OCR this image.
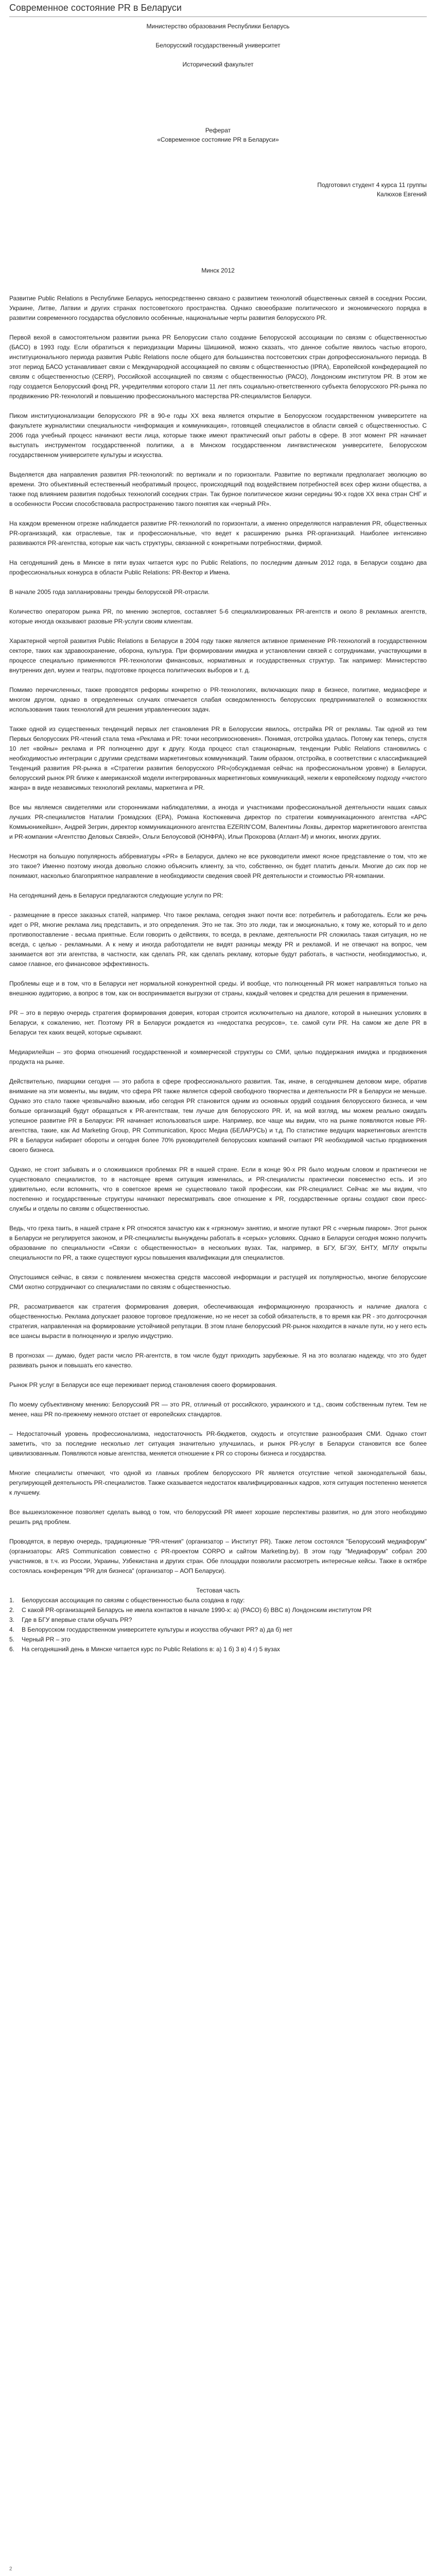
Современное состояние PR в Беларуси
Министерство образования Республики Беларусь
Белорусский государственный университет
Исторический факультет
Реферат
«Современное состояние PR в Беларуси»
Подготовил студент 4 курса 11 группы
Калюхов Евгений
Минск 2012

Развитие Public Relations в Республике Беларусь непосредственно связано с развитием технологий общественных связей в соседних России, Украине, Литве, Латвии и других странах постсоветского пространства. Однако своеобразие политического и экономического порядка в развитии современного государства обусловило особенные, национальные черты развития белорусского PR.

Первой вехой в самостоятельном развитии рынка PR Белоруссии стало создание Белорусской ассоциации по связям с общественностью (БАСО) в 1993 году. Если обратиться к периодизации Марины Шишкиной, можно сказать, что данное событие явилось частью второго, институционального периода развития Public Relations после общего для большинства постсоветских стран допрофессионального периода. В этот период БАСО устанавливает связи с Международной ассоциацией по связям с общественностью (IPRA), Европейской конфедерацией по связям с общественностью (CERP), Российской ассоциацией по связям с общественностью (РАСО), Лондонским институтом PR. В этом же году создается Белорусский фонд PR, учредителями которого стали 11 лет пять социально-ответственного субъекта белорусского PR-рынка по продвижению PR-технологий и повышению профессионального мастерства PR-специалистов Беларуси.

Пиком институционализации белорусского PR в 90-е годы XX века является открытие в Белорусском государственном университете на факультете журналистики специальности «информация и коммуникация», готовящей специалистов в области связей с общественностью. С 2006 года учебный процесс начинают вести лица, которые также имеют практический опыт работы в сфере. В этот момент PR начинает выступать инструментом государственной политики, а в Минском государственном лингвистическом университете, Белорусском государственном университете культуры и искусства.

Выделяется два направления развития PR-технологий: по вертикали и по горизонтали. Развитие по вертикали предполагает эволюцию во времени. Это объективный естественный необратимый процесс, происходящий под воздействием потребностей всех сфер жизни общества, а также под влиянием развития подобных технологий соседних стран. Так бурное политическое жизни середины 90-х годов XX века стран СНГ и в особенности России способствовала распространению такого понятия как «черный PR».

На каждом временном отрезке наблюдается развитие PR-технологий по горизонтали, а именно определяются направления PR, общественных PR-организаций, как отраслевые, так и профессиональные, что ведет к расширению рынка PR-организаций. Наиболее интенсивно развиваются PR-агентства, которые как часть структуры, связанной с конкретными потребностями, фирмой.

На сегодняшний день в Минске в пяти вузах читается курс по Public Relations, по последним данным 2012 года, в Беларуси создано два профессиональных конкурса в области Public Relations: PR-Вектор и Имена.

В начале 2005 года запланированы тренды белорусской PR-отрасли.

Количество оператором рынка PR, по мнению экспертов, составляет 5-6 специализированных PR-агентств и около 8 рекламных агентств, которые иногда оказывают разовые PR-услуги своим клиентам.

Характерной чертой развития Public Relations в Беларуси в 2004 году также является активное применение PR-технологий в государственном секторе, таких как здравоохранение, оборона, культура. При формировании имиджа и установлении связей с сотрудниками, участвующими в процессе специально применяются PR-технологии финансовых, нормативных и государственных структур. Так например: Министерство внутренних дел, музеи и театры, подготовке процесса политических выборов и т. д.

Помимо перечисленных, также проводятся реформы конкретно о PR-технологиях, включающих пиар в бизнесе, политике, медиасфере и многом другом, однако в определенных случаях отмечается слабая осведомленность белорусских предпринимателей о возможностях использования таких технологий для решения управленческих задач.

Также одной из существенных тенденций первых лет становления PR в Белоруссии явилось, отстрайка PR от рекламы. Так одной из тем Первых белорусских PR-чтений стала тема «Реклама и PR: точки несоприкосновения». Понимая, отстройка удалась. Потому как теперь, спустя 10 лет «войны» реклама и PR полноценно друг к другу. Когда процесс стал стационарным, тенденции Public Relations становились с необходимостью интеграции с другими средствами маркетинговых коммуникаций. Таким образом, отстройка, в соответствии с классификацией Тенденций развития PR-рынка в «Стратегии развития белорусского PR»(обсуждаемая сейчас на профессиональном уровне) в Беларуси, белорусский рынок PR ближе к американской модели интегрированных маркетинговых коммуникаций, нежели к европейскому подходу «чистого жанра» в виде независимых технологий рекламы, маркетинга и PR.

Все мы являемся свидетелями или сторонниками наблюдателями, а иногда и участниками профессиональной деятельности наших самых лучших PR-специалистов Наталии Громадских (ЕРА), Романа Костюкевича директор по стратегии коммуникационного агентства «АРС Коммьюникейшн», Андрей Зегрин, директор коммуникационного агентства EZERIN’COM, Валентины Лохвы, директор маркетингового агентства и PR-компании «Агентство Деловых Связей», Ольги Белоусовой (ЮНФРА), Ильи Прохорова (Атлант-М) и многих, многих других.

Несмотря на большую популярность аббревиатуры «PR» в Беларуси, далеко не все руководители имеют ясное представление о том, что же это такое? Именно поэтому иногда довольно сложно объяснить клиенту, за что, собственно, он будет платить деньги. Многие до сих пор не понимают, насколько благоприятное направление в необходимости сведения своей PR деятельности и стоимостью PR-компании.

На сегодняшний день в Беларуси предлагаются следующие услуги по PR:

- размещение в прессе заказных статей, например. Что такое реклама, сегодня знают почти все: потребитель и работодатель. Если же речь идет о PR, многие реклама лиц представить, и это определения. Это не так. Это это люди, так и эмоционально, к тому же, который то и дело противопоставление - весьма приятные. Если говорить о действиях, то всегда, в рекламе, деятельности PR сложилась такая ситуация, но не всегда, с целью - рекламными. А к нему и иногда работодатели не видят разницы между PR и рекламой. И не отвечают на вопрос, чем занимается вот эти агентства, в частности, как сделать PR, как сделать рекламу, которые будут работать, в частности, необходимостью, и, самое главное, его финансовое эффективность.

Проблемы еще и в том, что в Беларуси нет нормальной конкурентной среды. И вообще, что полноценный PR может направляться только на внешнюю аудиторию, а вопрос в том, как он воспринимается выгрузки от страны, каждый человек и средства для решения в применении.

PR – это в первую очередь стратегия формирования доверия, которая строится исключительно на диалоге, которой в нынешних условиях в Беларуси, к сожалению, нет. Поэтому PR в Беларуси рождается из «недостатка ресурсов», т.е. самой сути PR. На самом же деле PR в Беларуси тех каких вещей, которые скрывают.

Медиарилейшн – это форма отношений государственной и коммерческой структуры со СМИ, целью поддержания имиджа и продвижения продукта на рынке.

Действительно, пиарщики сегодня — это работа в сфере профессионального развития. Так, иначе, в сегодняшнем деловом мире, обратив внимание на эти моменты, мы видим, что сфера PR также является сферой свободного творчества и деятельности PR в Беларуси не меньше. Однако это стало также чрезвычайно важным, ибо сегодня PR становится одним из основных орудий создания белорусского бизнеса, и чем больше организаций будут обращаться к PR-агентствам, тем лучше для белорусского PR. И, на мой взгляд, мы можем реально ожидать успешное развитие PR в Беларуси: PR начинает использоваться шире. Например, все чаще мы видим, что на рынке появляются новые PR-агентства, такие, как Ad Marketing Group, PR Communication, Кросс Медиа (БЕЛАРУСЬ) и т.д. По статистике ведущих маркетинговых агентств PR в Беларуси набирает обороты и сегодня более 70% руководителей белорусских компаний считают PR необходимой частью продвижения своего бизнеса.

Однако, не стоит забывать и о сложившихся проблемах PR в нашей стране. Если в конце 90-х PR было модным словом и практически не существовало специалистов, то в настоящее время ситуация изменилась, и PR-специалисты практически повсеместно есть. И это удивительно, если вспомнить, что в советское время не существовало такой профессии, как PR-специалист. Сейчас же мы видим, что постепенно и государственные структуры начинают пересматривать свое отношение к PR, государственные органы создают свои пресс-службы и отделы по связям с общественностью.

Ведь, что греха таить, в нашей стране к PR относятся зачастую как к «грязному» занятию, и многие путают PR с «черным пиаром». Этот рынок в Беларуси не регулируется законом, и PR-специалисты вынуждены работать в «серых» условиях. Однако в Беларуси сегодня можно получить образование по специальности «Связи с общественностью» в нескольких вузах. Так, например, в БГУ, БГЭУ, БНТУ, МГЛУ открыты специальности по PR, а также существуют курсы повышения квалификации для специалистов.

Опустошимся сейчас, в связи с появлением множества средств массовой информации и растущей их популярностью, многие белорусские СМИ охотно сотрудничают со специалистами по связям с общественностью.

PR, рассматривается как стратегия формирования доверия, обеспечивающая информационную прозрачность и наличие диалога с общественностью. Реклама допускает разовое торговое предложение, но не несет за собой обязательств, в то время как PR - это долгосрочная стратегия, направленная на формирование устойчивой репутации. В этом плане белорусский PR-рынок находится в начале пути, но у него есть все шансы вырасти в полноценную и зрелую индустрию.

В прогнозах — думаю, будет расти число PR-агентств, в том числе будут приходить зарубежные. Я на это возлагаю надежду, что это будет развивать рынок и повышать его качество.

Рынок PR услуг в Беларуси все еще переживает период становления своего формирования.

По моему субъективному мнению: Белорусский PR — это PR, отличный от российского, украинского и т.д., своим собственным путем. Тем не менее, наш PR по-прежнему немного отстает от европейских стандартов.

– Недостаточный уровень профессионализма, недостаточность PR-бюджетов, скудость и отсутствие разнообразия СМИ. Однако стоит заметить, что за последние несколько лет ситуация значительно улучшилась, и рынок PR-услуг в Беларуси становится все более цивилизованным. Появляются новые агентства, меняется отношение к PR со стороны бизнеса и государства.

Многие специалисты отмечают, что одной из главных проблем белорусского PR является отсутствие четкой законодательной базы, регулирующей деятельность PR-специалистов. Также сказывается недостаток квалифицированных кадров, хотя ситуация постепенно меняется к лучшему.

Все вышеизложенное позволяет сделать вывод о том, что белорусский PR имеет хорошие перспективы развития, но для этого необходимо решить ряд проблем.

Проводятся, в первую очередь, традиционные "PR-чтения" (организатор – Институт PR). Также летом состоялся "Белорусский медиафорум" (организаторы: ARS Communication совместно с PR-проектом CORPO и сайтом Marketing.by). В этом году "Медиафорум" собрал 200 участников, в т.ч. из России, Украины, Узбекистана и других стран. Обе площадки позволили рассмотреть интересные кейсы. Также в октябре состоялась конференция "PR для бизнеса" (организатор – АОП Беларуси).

Тестовая часть
1.	Белорусская ассоциация по связям с общественностью была создана в году:
2.	С какой PR-организацией Беларусь не имела контактов в начале 1990-х: а) (РАСО) б) BBC в) Лондонским институтом PR
3.	Где в БГУ впервые стали обучать PR?
4.	В Белорусском государственном университете культуры и искусства обучают PR? а) да б) нет
5.	Черный PR – это
6.	На сегодняшний день в Минске читается курс по Public Relations в: а) 1 б) 3 в) 4 г) 5 вузах
2
